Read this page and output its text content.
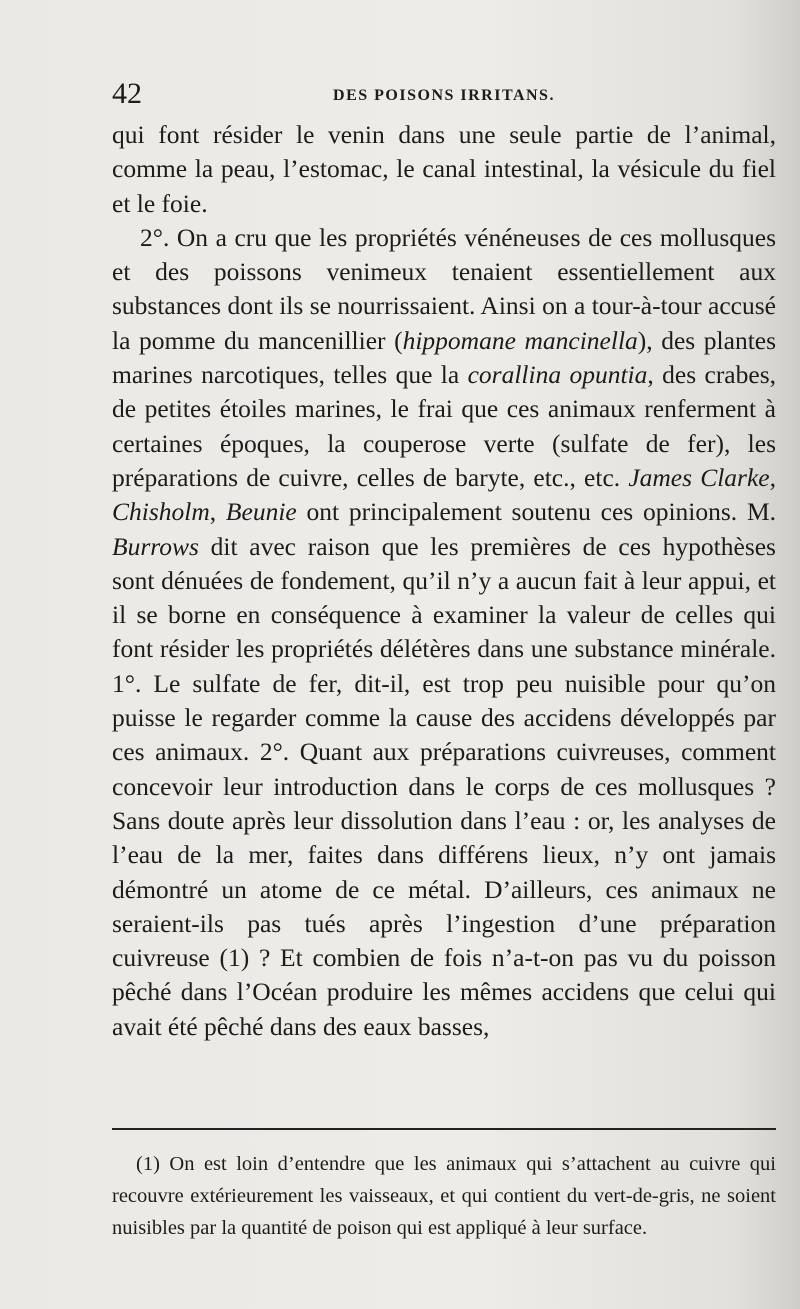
42	DES POISONS IRRITANS.

qui font résider le venin dans une seule partie de l’animal, comme la peau, l’estomac, le canal intestinal, la vésicule du fiel et le foie.

2°. On a cru que les propriétés vénéneuses de ces mollusques et des poissons venimeux tenaient essentiellement aux substances dont ils se nourrissaient. Ainsi on a tour-à-tour accusé la pomme du mancenillier (hippomane mancinella), des plantes marines narcotiques, telles que la corallina opuntia, des crabes, de petites étoiles marines, le frai que ces animaux renferment à certaines époques, la couperose verte (sulfate de fer), les préparations de cuivre, celles de baryte, etc., etc. James Clarke, Chisholm, Beunie ont principalement soutenu ces opinions. M. Burrows dit avec raison que les premières de ces hypothèses sont dénuées de fondement, qu’il n’y a aucun fait à leur appui, et il se borne en conséquence à examiner la valeur de celles qui font résider les propriétés délétères dans une substance minérale. 1°. Le sulfate de fer, dit-il, est trop peu nuisible pour qu’on puisse le regarder comme la cause des accidens développés par ces animaux. 2°. Quant aux préparations cuivreuses, comment concevoir leur introduction dans le corps de ces mollusques ? Sans doute après leur dissolution dans l’eau : or, les analyses de l’eau de la mer, faites dans différens lieux, n’y ont jamais démontré un atome de ce métal. D’ailleurs, ces animaux ne seraient-ils pas tués après l’ingestion d’une préparation cuivreuse (1) ? Et combien de fois n’a-t-on pas vu du poisson pêché dans l’Océan produire les mêmes accidens que celui qui avait été pêché dans des eaux basses,

(1) On est loin d’entendre que les animaux qui s’attachent au cuivre qui recouvre extérieurement les vaisseaux, et qui contient du vert-de-gris, ne soient nuisibles par la quantité de poison qui est appliqué à leur surface.
